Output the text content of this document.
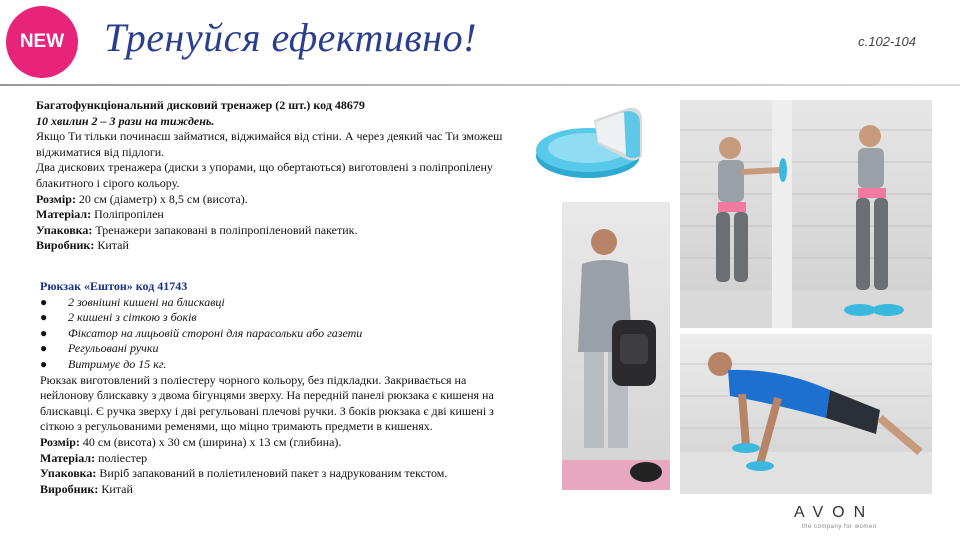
NEW Тренуйся ефективно!	с.102-104
Багатофункціональний дисковий тренажер (2 шт.) код 48679
10 хвилин 2 – 3 рази на тиждень.
Якщо Ти тільки починаєш займатися, віджимайся від стіни. А через деякий час Ти зможеш віджиматися від підлоги.
Два дискових тренажера (диски з упорами, що обертаються) виготовлені з поліпропілену блакитного і сірого кольору.
Розмір: 20 см (діаметр) х 8,5 см (висота).
Матеріал: Поліпропілен
Упаковка: Тренажери запаковані в поліпропіленовий пакетик.
Виробник: Китай
Рюкзак «Ештон» код 41743
●	2 зовнішні кишені на блискавці
●	2 кишені з сіткою з боків
●	Фіксатор на лицьовій стороні для парасольки або газети
●	Регульовані ручки
●	Витримує до 15 кг.
Рюкзак виготовлений з поліестеру чорного кольору, без підкладки. Закривається на нейлонову блискавку з двома бігунцями зверху. На передній панелі рюкзака є кишеня на блискавці. Є ручка зверху і дві регульовані плечові ручки. З боків рюкзака є дві кишені з сіткою з регульованими ременями, що міцно тримають предмети в кишенях.
Розмір: 40 см (висота) х 30 см (ширина) х 13 см (глибина).
Матеріал: поліестер
Упаковка: Виріб запакований в поліетиленовий пакет з надрукованим текстом.
Виробник: Китай
AVON
the company for women
